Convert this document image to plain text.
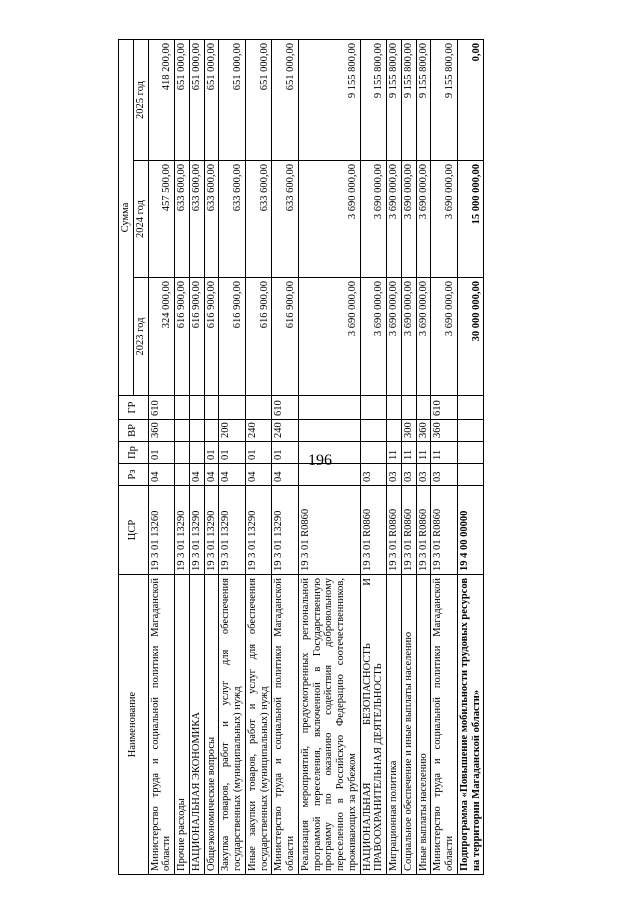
196
Наименование	ЦСР	Рз	Пр	ВР	ГР	Сумма		
						2023 год	2024 год	2025 год
Министерство труда и социальной политики Магаданской области	19 3 01 13260	04	01	360	610	324 000,00	457 500,00	418 200,00
Прочие расходы	19 3 01 13290					616 900,00	633 600,00	651 000,00
НАЦИОНАЛЬНАЯ ЭКОНОМИКА	19 3 01 13290	04				616 900,00	633 600,00	651 000,00
Общеэкономические вопросы	19 3 01 13290	04	01			616 900,00	633 600,00	651 000,00
Закупка товаров, работ и услуг для обеспечения государственных (муниципальных) нужд	19 3 01 13290	04	01	200		616 900,00	633 600,00	651 000,00
Иные закупки товаров, работ и услуг для обеспечения государственных (муниципальных) нужд	19 3 01 13290	04	01	240		616 900,00	633 600,00	651 000,00
Министерство труда и социальной политики Магаданской области	19 3 01 13290	04	01	240	610	616 900,00	633 600,00	651 000,00
Реализация мероприятий, предусмотренных региональной программой переселения, включенной в Государственную программу по оказанию содействия добровольному переселению в Российскую Федерацию соотечественников, проживающих за рубежом	19 3 01 R0860					3 690 000,00	3 690 000,00	9 155 800,00
НАЦИОНАЛЬНАЯ БЕЗОПАСНОСТЬ И ПРАВООХРАНИТЕЛЬНАЯ ДЕЯТЕЛЬНОСТЬ	19 3 01 R0860	03				3 690 000,00	3 690 000,00	9 155 800,00
Миграционная политика	19 3 01 R0860	03	11			3 690 000,00	3 690 000,00	9 155 800,00
Социальное обеспечение и иные выплаты населению	19 3 01 R0860	03	11	300		3 690 000,00	3 690 000,00	9 155 800,00
Иные выплаты населению	19 3 01 R0860	03	11	360		3 690 000,00	3 690 000,00	9 155 800,00
Министерство труда и социальной политики Магаданской области	19 3 01 R0860	03	11	360	610	3 690 000,00	3 690 000,00	9 155 800,00
Подпрограмма «Повышение мобильности трудовых ресурсов на территории Магаданской области»	19 4 00 00000					30 000 000,00	15 000 000,00	0,00
